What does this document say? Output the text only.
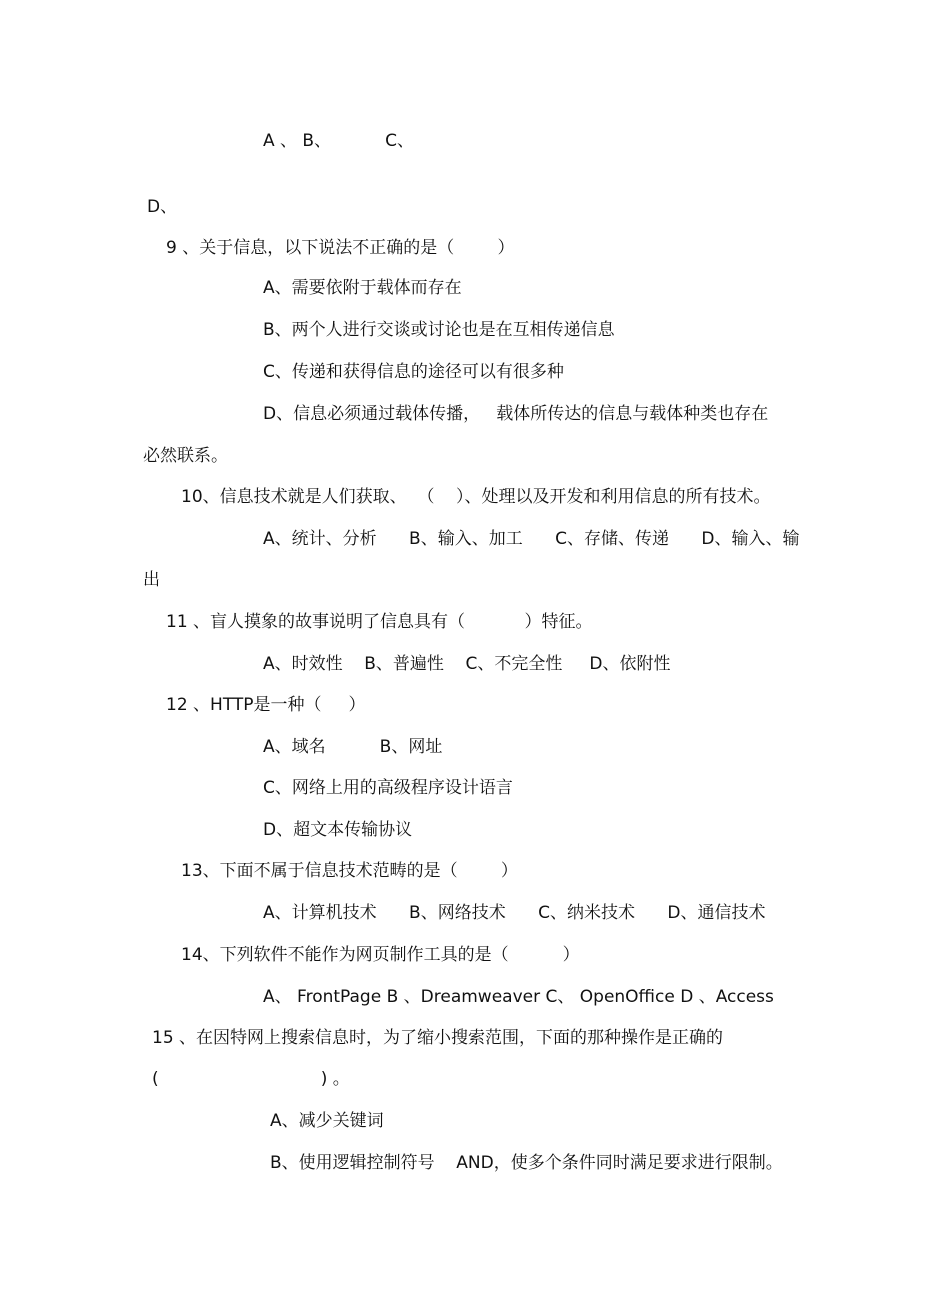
A 、 B、          C、

D、

9 、关于信息，以下说法不正确的是（        ）

A、需要依附于载体而存在

B、两个人进行交谈或讨论也是在互相传递信息

C、传递和获得信息的途径可以有很多种

D、信息必须通过载体传播，   载体所传达的信息与载体种类也存在

必然联系。

10、信息技术就是人们获取、  （    ）、处理以及开发和利用信息的所有技术。

A、统计、分析      B、输入、加工      C、存储、传递      D、输入、输

出

11 、盲人摸象的故事说明了信息具有（           ）特征。

A、时效性    B、普遍性    C、不完全性     D、依附性

12 、HTTP是一种（     ）

A、域名          B、网址

C、网络上用的高级程序设计语言

D、超文本传输协议

13、下面不属于信息技术范畴的是（        ）

A、计算机技术      B、网络技术      C、纳米技术      D、通信技术

14、下列软件不能作为网页制作工具的是（          ）

A、 FrontPage B 、Dreamweaver C、 OpenOffice D 、Access

15 、在因特网上搜索信息时，为了缩小搜索范围，下面的那种操作是正确的

(                              ) 。

A、减少关键词

B、使用逻辑控制符号    AND，使多个条件同时满足要求进行限制。
